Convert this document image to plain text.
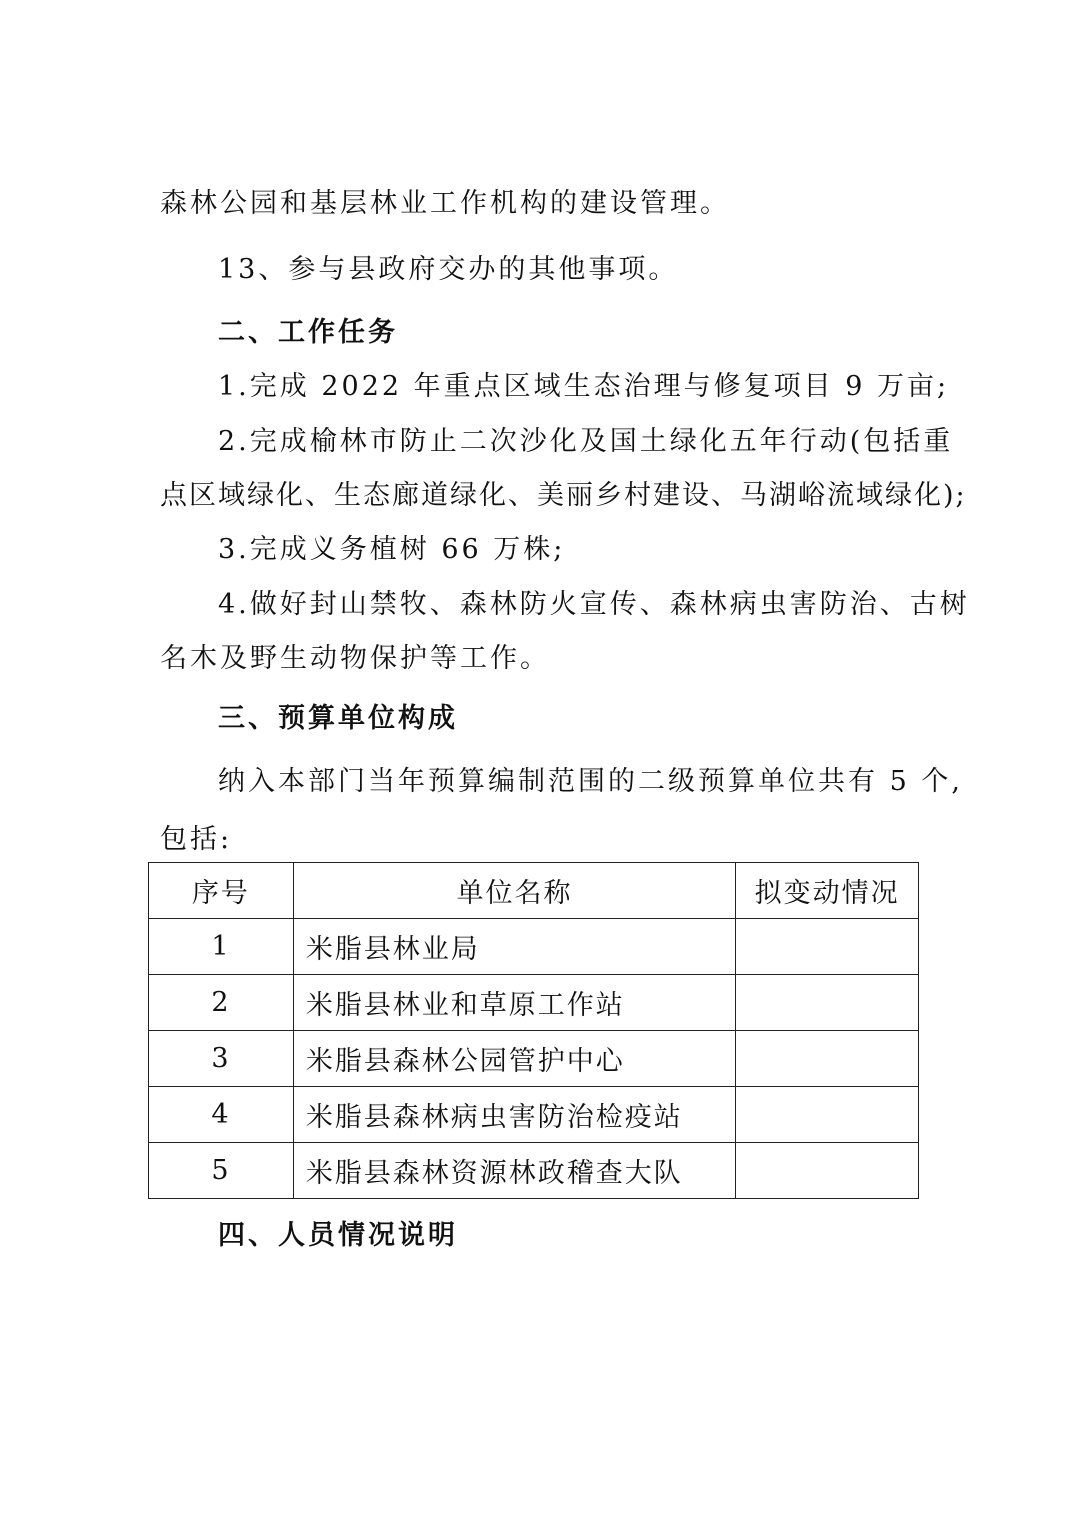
森林公园和基层林业工作机构的建设管理。
13、参与县政府交办的其他事项。
二、工作任务
1.完成 2022 年重点区域生态治理与修复项目 9 万亩;
2.完成榆林市防止二次沙化及国土绿化五年行动(包括重
点区域绿化、生态廊道绿化、美丽乡村建设、马湖峪流域绿化);
3.完成义务植树 66 万株;
4.做好封山禁牧、森林防火宣传、森林病虫害防治、古树
名木及野生动物保护等工作。
三、预算单位构成
纳入本部门当年预算编制范围的二级预算单位共有 5 个,
包括:
序号	单位名称	拟变动情况
1	米脂县林业局	
2	米脂县林业和草原工作站	
3	米脂县森林公园管护中心	
4	米脂县森林病虫害防治检疫站	
5	米脂县森林资源林政稽查大队	
四、人员情况说明
